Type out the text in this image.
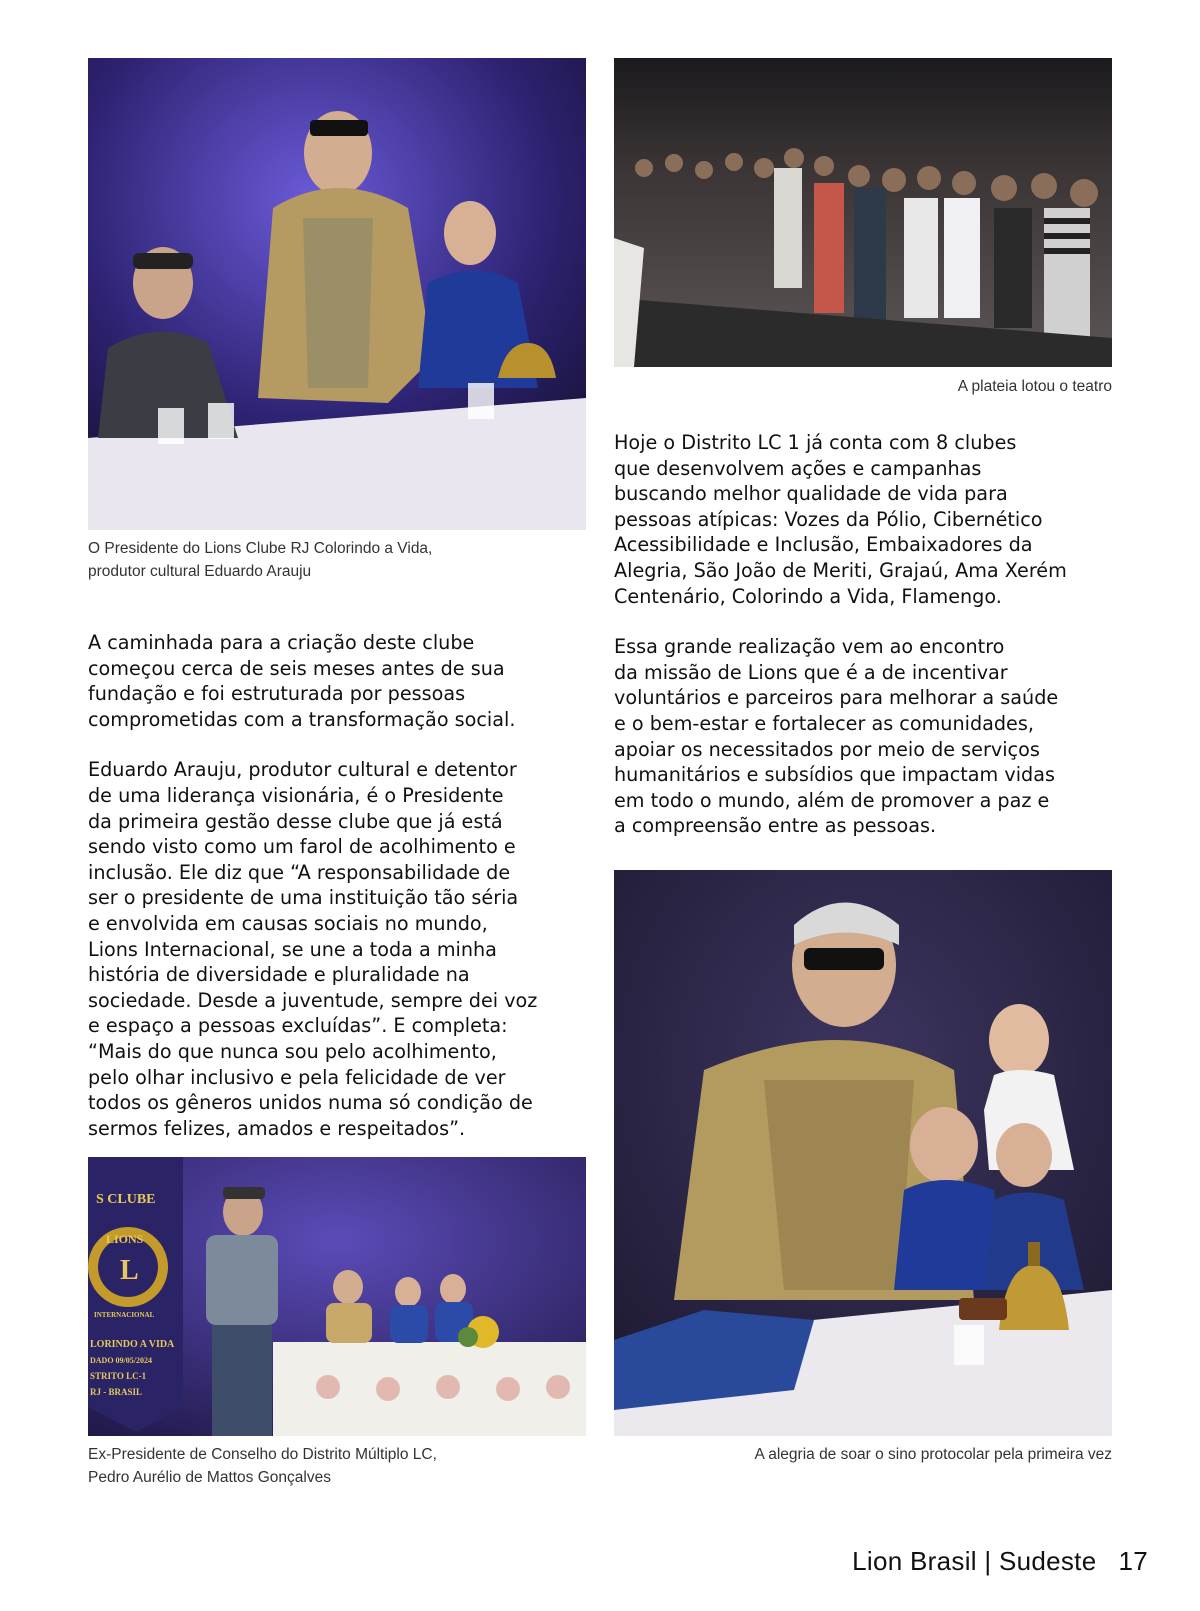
O Presidente do Lions Clube RJ Colorindo a Vida,
produtor cultural Eduardo Arauju
A plateia lotou o teatro

Hoje o Distrito LC 1 já conta com 8 clubes
que desenvolvem ações e campanhas
buscando melhor qualidade de vida para
pessoas atípicas: Vozes da Pólio, Cibernético
Acessibilidade e Inclusão, Embaixadores da
Alegria, São João de Meriti, Grajaú, Ama Xerém
Centenário, Colorindo a Vida, Flamengo.

Essa grande realização vem ao encontro
da missão de Lions que é a de incentivar
voluntários e parceiros para melhorar a saúde
e o bem-estar e fortalecer as comunidades,
apoiar os necessitados por meio de serviços
humanitários e subsídios que impactam vidas
em todo o mundo, além de promover a paz e
a compreensão entre as pessoas.

A caminhada para a criação deste clube
começou cerca de seis meses antes de sua
fundação e foi estruturada por pessoas
comprometidas com a transformação social.

Eduardo Arauju, produtor cultural e detentor
de uma liderança visionária, é o Presidente
da primeira gestão desse clube que já está
sendo visto como um farol de acolhimento e
inclusão. Ele diz que “A responsabilidade de
ser o presidente de uma instituição tão séria
e envolvida em causas sociais no mundo,
Lions Internacional, se une a toda a minha
história de diversidade e pluralidade na
sociedade. Desde a juventude, sempre dei voz
e espaço a pessoas excluídas”. E completa:
“Mais do que nunca sou pelo acolhimento,
pelo olhar inclusivo e pela felicidade de ver
todos os gêneros unidos numa só condição de
sermos felizes, amados e respeitados”.

S CLUBE
LIONS
L
INTERNACIONAL
LORINDO A VIDA
DADO 09/05/2024
STRITO LC-1
RJ - BRASIL
Ex-Presidente de Conselho do Distrito Múltiplo LC,
Pedro Aurélio de Mattos Gonçalves
A alegria de soar o sino protocolar pela primeira vez
Lion Brasil | Sudeste 17
